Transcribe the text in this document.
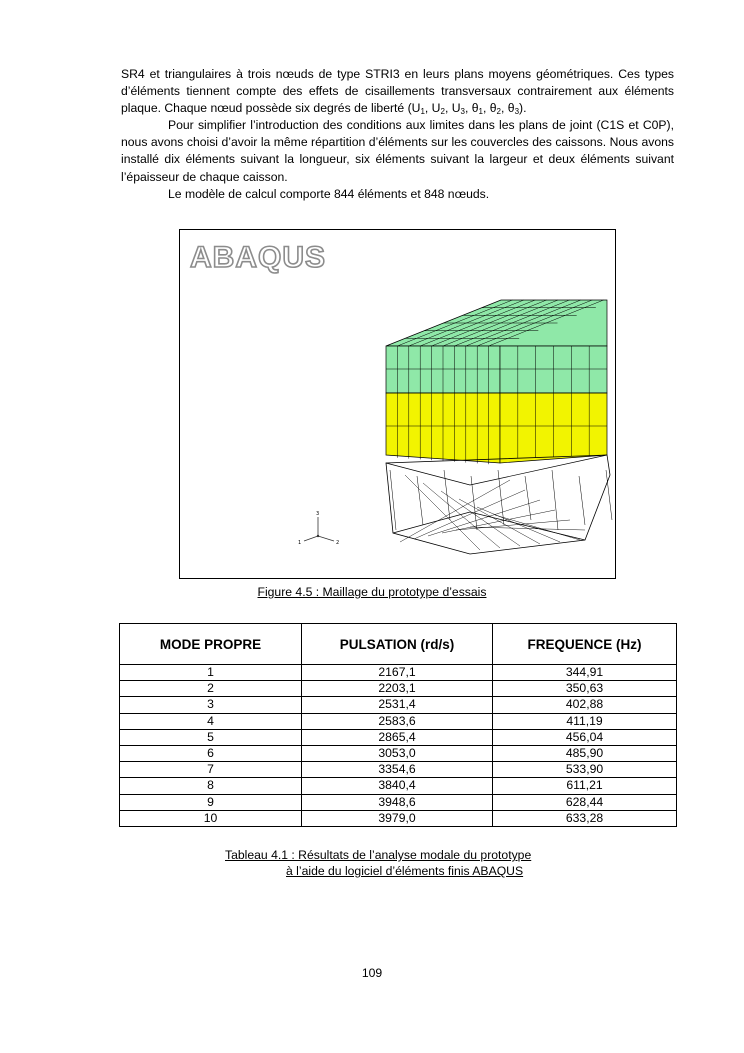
SR4 et triangulaires à trois nœuds de type STRI3 en leurs plans moyens géométriques. Ces types d’éléments tiennent compte des effets de cisaillements transversaux contrairement aux éléments plaque. Chaque nœud possède six degrés de liberté ($U_1$, $U_2$, $U_3$, $\theta_1$, $\theta_2$, $\theta_3$).

Pour simplifier l’introduction des conditions aux limites dans les plans de joint (C1S et C0P), nous avons choisi d’avoir la même répartition d’éléments sur les couvercles des caissons. Nous avons installé dix éléments suivant la longueur, six éléments suivant la largeur et deux éléments suivant l’épaisseur de chaque caisson.

Le modèle de calcul comporte 844 éléments et 848 nœuds.

ABAQUS
3
1	2
Figure 4.5 : Maillage du prototype d’essais
MODE PROPRE	PULSATION (rd/s)	FREQUENCE (Hz)
1	2167,1	344,91
2	2203,1	350,63
3	2531,4	402,88
4	2583,6	411,19
5	2865,4	456,04
6	3053,0	485,90
7	3354,6	533,90
8	3840,4	611,21
9	3948,6	628,44
10	3979,0	633,28
Tableau 4.1 : Résultats de l’analyse modale du prototype
à l’aide du logiciel d’éléments finis ABAQUS
109
